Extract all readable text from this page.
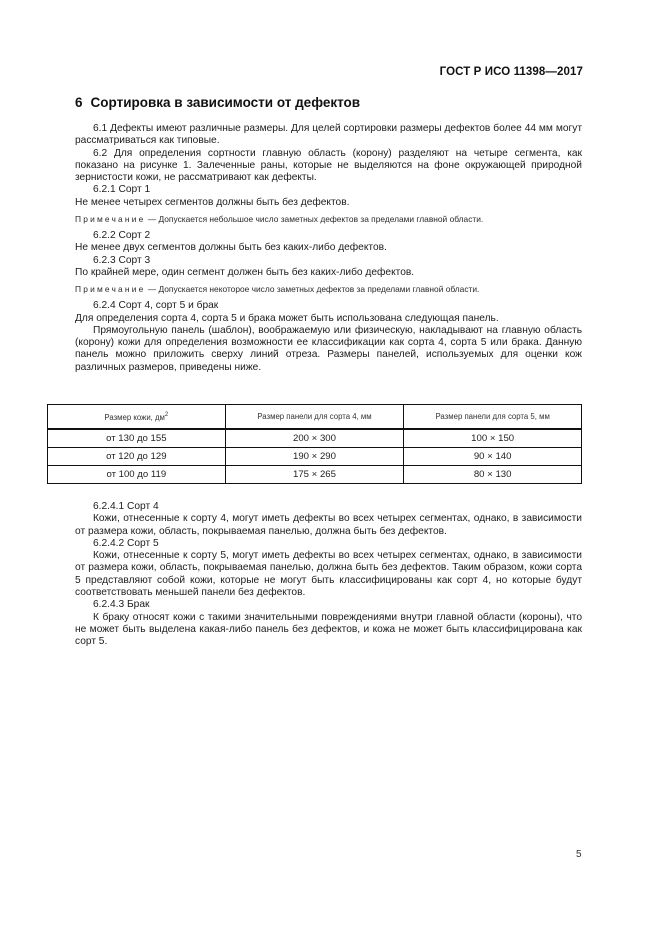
ГОСТ Р ИСО 11398—2017
6 Сортировка в зависимости от дефектов

6.1 Дефекты имеют различные размеры. Для целей сортировки размеры дефектов более 44 мм могут рассматриваться как типовые.

6.2 Для определения сортности главную область (корону) разделяют на четыре сегмента, как показано на рисунке 1. Залеченные раны, которые не выделяются на фоне окружающей природной зернистости кожи, не рассматривают как дефекты.

6.2.1 Сорт 1

Не менее четырех сегментов должны быть без дефектов.

Примечание — Допускается небольшое число заметных дефектов за пределами главной области.

6.2.2 Сорт 2

Не менее двух сегментов должны быть без каких-либо дефектов.

6.2.3 Сорт 3

По крайней мере, один сегмент должен быть без каких-либо дефектов.

Примечание — Допускается некоторое число заметных дефектов за пределами главной области.

6.2.4 Сорт 4, сорт 5 и брак

Для определения сорта 4, сорта 5 и брака может быть использована следующая панель.

Прямоугольную панель (шаблон), воображаемую или физическую, накладывают на главную область (корону) кожи для определения возможности ее классификации как сорта 4, сорта 5 или брака. Данную панель можно приложить сверху линий отреза. Размеры панелей, используемых для оценки кож различных размеров, приведены ниже.

Размер кожи, $дм^2$	Размер панели для сорта 4, мм	Размер панели для сорта 5, мм
от 130 до 155	200 × 300	100 × 150
от 120 до 129	190 × 290	90 × 140
от 100 до 119	175 × 265	80 × 130

6.2.4.1 Сорт 4

Кожи, отнесенные к сорту 4, могут иметь дефекты во всех четырех сегментах, однако, в зависимости от размера кожи, область, покрываемая панелью, должна быть без дефектов.

6.2.4.2 Сорт 5

Кожи, отнесенные к сорту 5, могут иметь дефекты во всех четырех сегментах, однако, в зависимости от размера кожи, область, покрываемая панелью, должна быть без дефектов. Таким образом, кожи сорта 5 представляют собой кожи, которые не могут быть классифицированы как сорт 4, но которые будут соответствовать меньшей панели без дефектов.

6.2.4.3 Брак

К браку относят кожи с такими значительными повреждениями внутри главной области (короны), что не может быть выделена какая-либо панель без дефектов, и кожа не может быть классифицирована как сорт 5.

5
